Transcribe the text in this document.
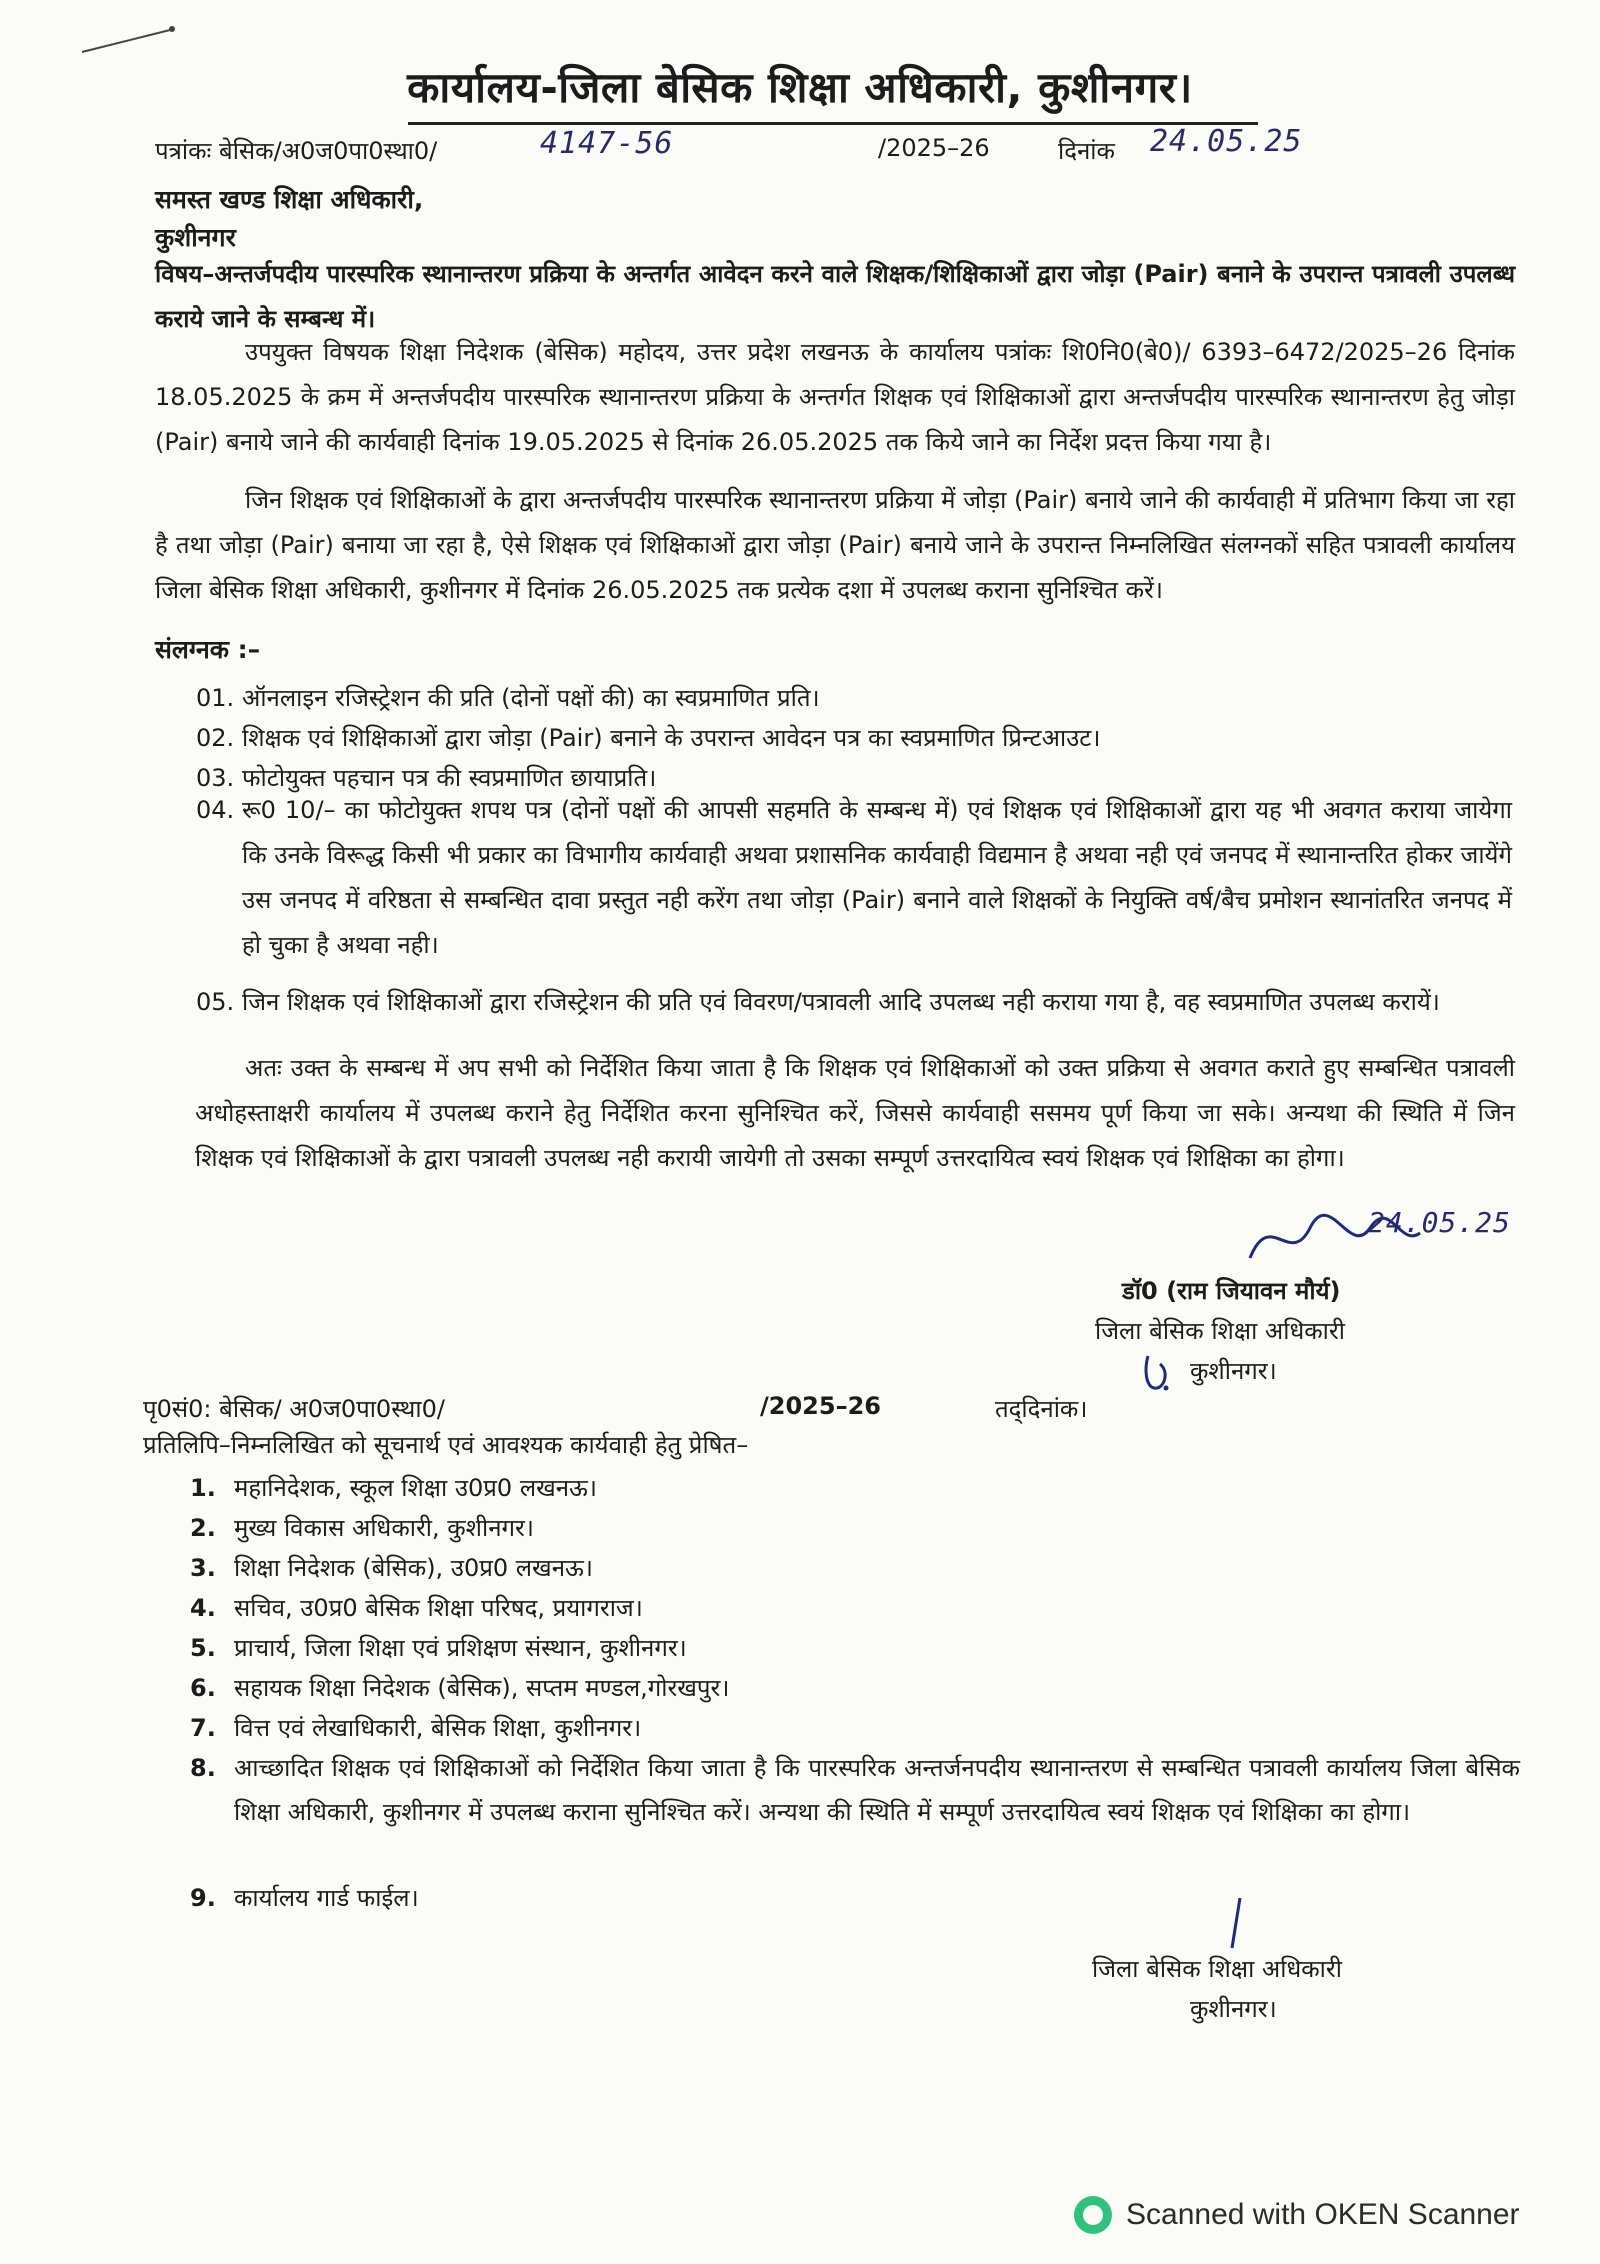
कार्यालय-जिला बेसिक शिक्षा अधिकारी, कुशीनगर।
पत्रांकः बेसिक/अ0ज0पा0स्था0/	4147-56	/2025–26	दिनांक 24.05.25
समस्त खण्ड शिक्षा अधिकारी,
कुशीनगर
विषय–अन्तर्जपदीय पारस्परिक स्थानान्तरण प्रक्रिया के अन्तर्गत आवेदन करने वाले शिक्षक/शिक्षिकाओं द्वारा जोड़ा (Pair) बनाने के उपरान्त पत्रावली उपलब्ध कराये जाने के सम्बन्ध में।
उपयुक्त विषयक शिक्षा निदेशक (बेसिक) महोदय, उत्तर प्रदेश लखनऊ के कार्यालय पत्रांकः शि0नि0(बे0)/ 6393–6472/2025–26 दिनांक 18.05.2025 के क्रम में अन्तर्जपदीय पारस्परिक स्थानान्तरण प्रक्रिया के अन्तर्गत शिक्षक एवं शिक्षिकाओं द्वारा अन्तर्जपदीय पारस्परिक स्थानान्तरण हेतु जोड़ा (Pair) बनाये जाने की कार्यवाही दिनांक 19.05.2025 से दिनांक 26.05.2025 तक किये जाने का निर्देश प्रदत्त किया गया है।
जिन शिक्षक एवं शिक्षिकाओं के द्वारा अन्तर्जपदीय पारस्परिक स्थानान्तरण प्रक्रिया में जोड़ा (Pair) बनाये जाने की कार्यवाही में प्रतिभाग किया जा रहा है तथा जोड़ा (Pair) बनाया जा रहा है, ऐसे शिक्षक एवं शिक्षिकाओं द्वारा जोड़ा (Pair) बनाये जाने के उपरान्त निम्नलिखित संलग्नकों सहित पत्रावली कार्यालय जिला बेसिक शिक्षा अधिकारी, कुशीनगर में दिनांक 26.05.2025 तक प्रत्येक दशा में उपलब्ध कराना सुनिश्चित करें।
संलग्नक :–
01. ऑनलाइन रजिस्ट्रेशन की प्रति (दोनों पक्षों की) का स्वप्रमाणित प्रति।
02. शिक्षक एवं शिक्षिकाओं द्वारा जोड़ा (Pair) बनाने के उपरान्त आवेदन पत्र का स्वप्रमाणित प्रिन्टआउट।
03. फोटोयुक्त पहचान पत्र की स्वप्रमाणित छायाप्रति।
04. रू0 10/– का फोटोयुक्त शपथ पत्र (दोनों पक्षों की आपसी सहमति के सम्बन्ध में) एवं शिक्षक एवं शिक्षिकाओं द्वारा यह भी अवगत कराया जायेगा कि उनके विरूद्ध किसी भी प्रकार का विभागीय कार्यवाही अथवा प्रशासनिक कार्यवाही विद्यमान है अथवा नही एवं जनपद में स्थानान्तरित होकर जायेंगे उस जनपद में वरिष्ठता से सम्बन्धित दावा प्रस्तुत नही करेंग तथा जोड़ा (Pair) बनाने वाले शिक्षकों के नियुक्ति वर्ष/बैच प्रमोशन स्थानांतरित जनपद में हो चुका है अथवा नही।
05. जिन शिक्षक एवं शिक्षिकाओं द्वारा रजिस्ट्रेशन की प्रति एवं विवरण/पत्रावली आदि उपलब्ध नही कराया गया है, वह स्वप्रमाणित उपलब्ध करायें।
अतः उक्त के सम्बन्ध में अप सभी को निर्देशित किया जाता है कि शिक्षक एवं शिक्षिकाओं को उक्त प्रक्रिया से अवगत कराते हुए सम्बन्धित पत्रावली अधोहस्ताक्षरी कार्यालय में उपलब्ध कराने हेतु निर्देशित करना सुनिश्चित करें, जिससे कार्यवाही ससमय पूर्ण किया जा सके। अन्यथा की स्थिति में जिन शिक्षक एवं शिक्षिकाओं के द्वारा पत्रावली उपलब्ध नही करायी जायेगी तो उसका सम्पूर्ण उत्तरदायित्व स्वयं शिक्षक एवं शिक्षिका का होगा।
24.05.25
डॉ0 (राम जियावन मौर्य)
जिला बेसिक शिक्षा अधिकारी
कुशीनगर।
पृ0सं0: बेसिक/ अ0ज0पा0स्था0/	/2025–26	तद्‌दिनांक।
प्रतिलिपि–निम्नलिखित को सूचनार्थ एवं आवश्यक कार्यवाही हेतु प्रेषित–
1. महानिदेशक, स्कूल शिक्षा उ0प्र0 लखनऊ।
2. मुख्य विकास अधिकारी, कुशीनगर।
3. शिक्षा निदेशक (बेसिक), उ0प्र0 लखनऊ।
4. सचिव, उ0प्र0 बेसिक शिक्षा परिषद, प्रयागराज।
5. प्राचार्य, जिला शिक्षा एवं प्रशिक्षण संस्थान, कुशीनगर।
6. सहायक शिक्षा निदेशक (बेसिक), सप्तम मण्डल,गोरखपुर।
7. वित्त एवं लेखाधिकारी, बेसिक शिक्षा, कुशीनगर।
8. आच्छादित शिक्षक एवं शिक्षिकाओं को निर्देशित किया जाता है कि पारस्परिक अन्तर्जनपदीय स्थानान्तरण से सम्बन्धित पत्रावली कार्यालय जिला बेसिक शिक्षा अधिकारी, कुशीनगर में उपलब्ध कराना सुनिश्चित करें। अन्यथा की स्थिति में सम्पूर्ण उत्तरदायित्व स्वयं शिक्षक एवं शिक्षिका का होगा।
9. कार्यालय गार्ड फाईल।
जिला बेसिक शिक्षा अधिकारी
कुशीनगर।
Scanned with OKEN Scanner
